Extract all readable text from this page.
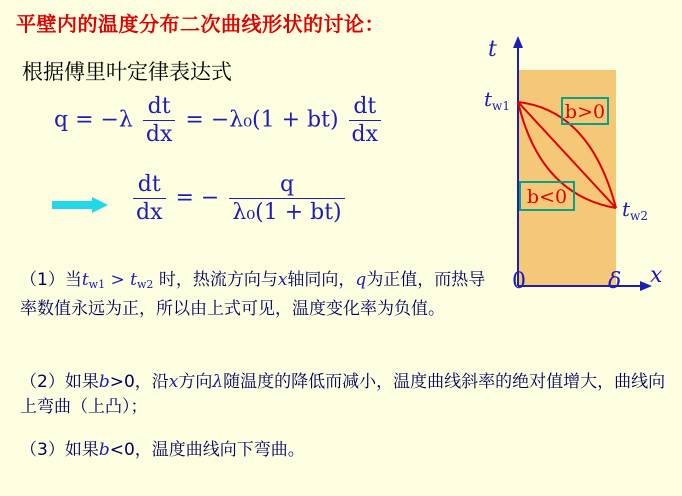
平壁内的温度分布二次曲线形状的讨论：
根据傅里叶定律表达式
$q = -\lambda \frac{dt}{dx} = -\lambda_0(1 + bt) \frac{dt}{dx}$
$\frac{dt}{dx}$ = − $\frac{q}{\text{λ₀(1 + bt)}}$
b>0
b<0
t
x
0	δ
$t_{w1}$
$t_{w2}$
（1）当$t_{w1} > t_{w2}$ 时，热流方向与x轴同向，q为正值，而热导率数值永远为正，所以由上式可见，温度变化率为负值。
（2）如果b>0，沿x方向λ随温度的降低而减小，温度曲线斜率的绝对值增大，曲线向上弯曲（上凸）；
（3）如果b<0，温度曲线向下弯曲。
